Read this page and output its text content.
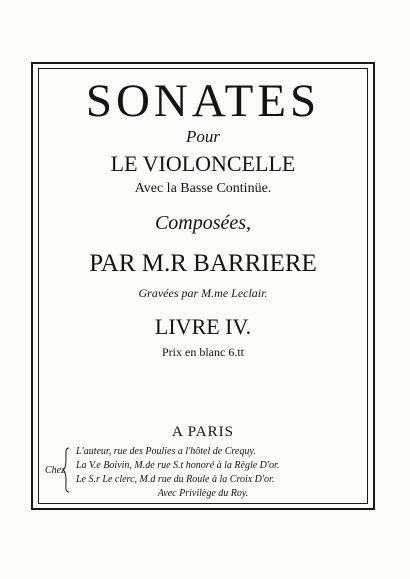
SONATES
Pour
LE VIOLONCELLE
Avec la Basse Continüe.
Composées,
PAR M.R BARRIERE
Gravées par M.me Leclair.
LIVRE IV.
Prix en blanc 6.tt
A PARIS
Chez
L'auteur, rue des Poulies a l'hôtel de Crequy.
La V.e Boivin, M.de rue S.t honoré à la Règle D'or.
Le S.r Le clerc, M.d rue du Roule à la Croix D'or.
Avec Privilège du Roy.
